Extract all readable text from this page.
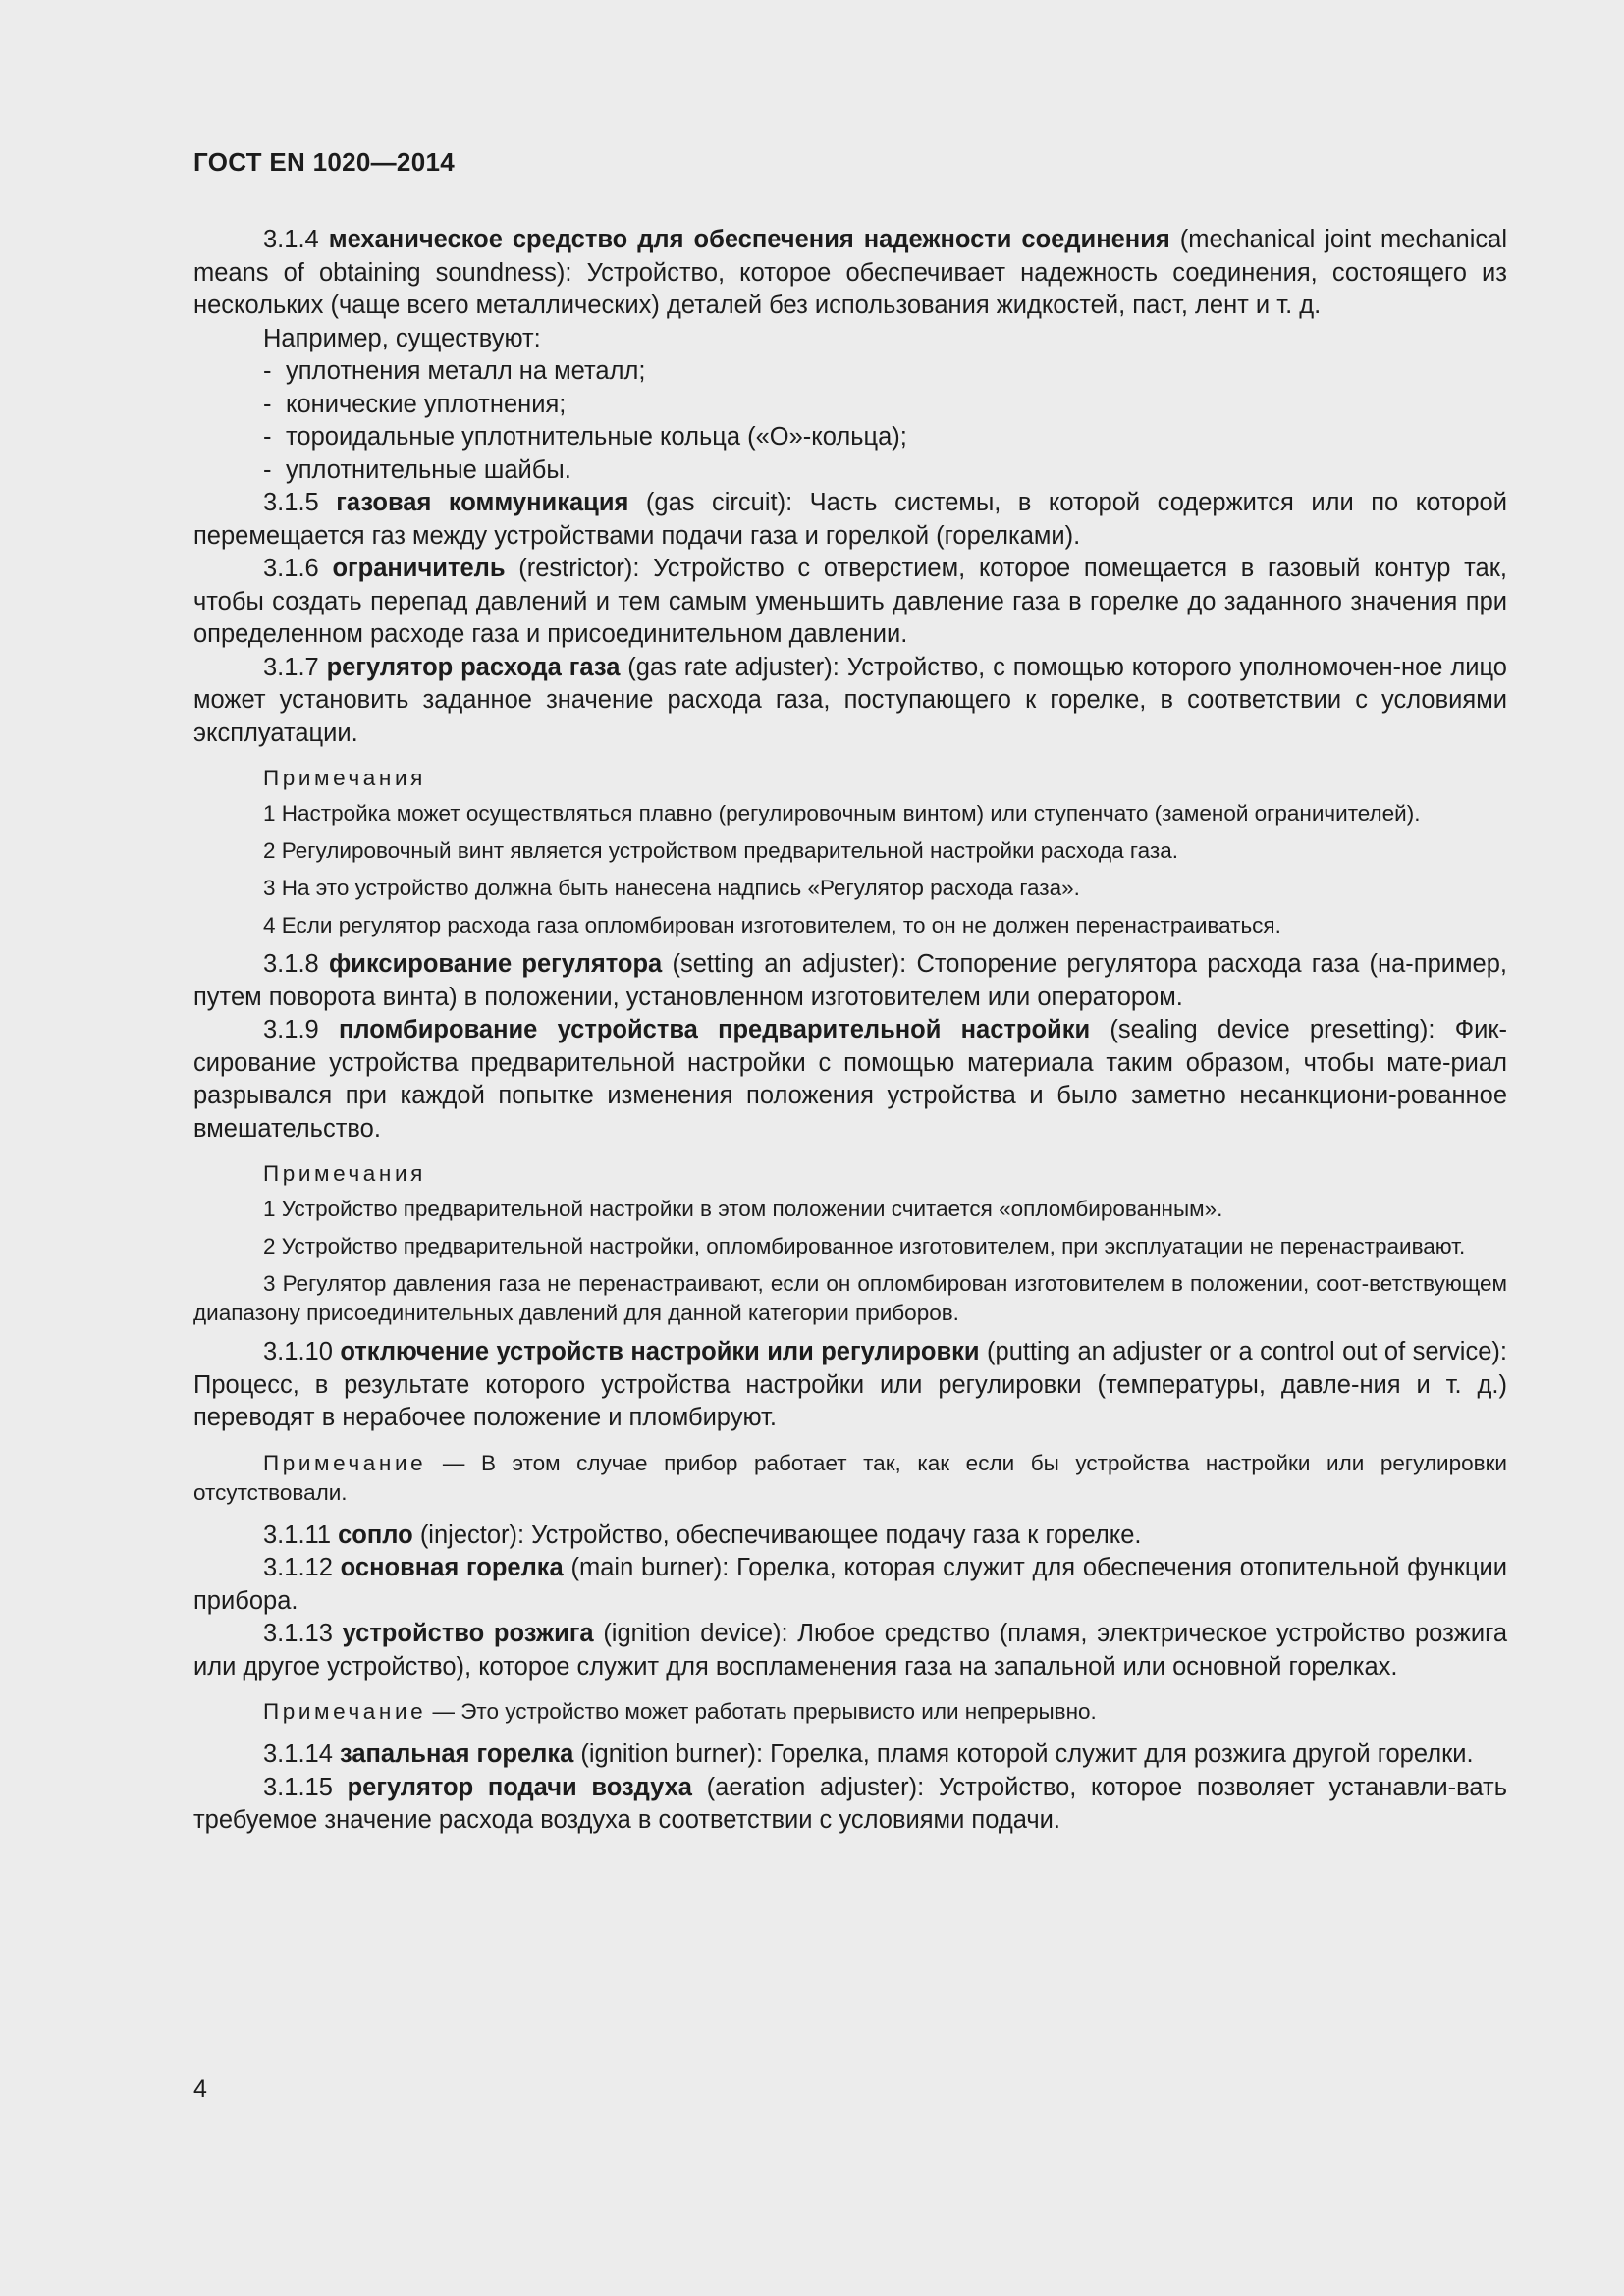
ГОСТ EN 1020—2014

3.1.4 механическое средство для обеспечения надежности соединения (mechanical joint mechanical means of obtaining soundness): Устройство, которое обеспечивает надежность соединения, состоящего из нескольких (чаще всего металлических) деталей без использования жидкостей, паст, лент и т. д.

Например, существуют:

- уплотнения металл на металл;

- конические уплотнения;

- тороидальные уплотнительные кольца («О»-кольца);

- уплотнительные шайбы.

3.1.5 газовая коммуникация (gas circuit): Часть системы, в которой содержится или по которой перемещается газ между устройствами подачи газа и горелкой (горелками).

3.1.6 ограничитель (restrictor): Устройство с отверстием, которое помещается в газовый контур так, чтобы создать перепад давлений и тем самым уменьшить давление газа в горелке до заданного значения при определенном расходе газа и присоединительном давлении.

3.1.7 регулятор расхода газа (gas rate adjuster): Устройство, с помощью которого уполномочен-ное лицо может установить заданное значение расхода газа, поступающего к горелке, в соответствии с условиями эксплуатации.

Примечания

1 Настройка может осуществляться плавно (регулировочным винтом) или ступенчато (заменой ограничителей).

2 Регулировочный винт является устройством предварительной настройки расхода газа.

3 На это устройство должна быть нанесена надпись «Регулятор расхода газа».

4 Если регулятор расхода газа опломбирован изготовителем, то он не должен перенастраиваться.

3.1.8 фиксирование регулятора (setting an adjuster): Стопорение регулятора расхода газа (на-пример, путем поворота винта) в положении, установленном изготовителем или оператором.

3.1.9 пломбирование устройства предварительной настройки (sealing device presetting): Фик-сирование устройства предварительной настройки с помощью материала таким образом, чтобы мате-риал разрывался при каждой попытке изменения положения устройства и было заметно несанкциони-рованное вмешательство.

Примечания

1 Устройство предварительной настройки в этом положении считается «опломбированным».

2 Устройство предварительной настройки, опломбированное изготовителем, при эксплуатации не перенастраивают.

3 Регулятор давления газа не перенастраивают, если он опломбирован изготовителем в положении, соот-ветствующем диапазону присоединительных давлений для данной категории приборов.

3.1.10 отключение устройств настройки или регулировки (putting an adjuster or a control out of service): Процесс, в результате которого устройства настройки или регулировки (температуры, давле-ния и т. д.) переводят в нерабочее положение и пломбируют.

Примечание — В этом случае прибор работает так, как если бы устройства настройки или регулировки отсутствовали.

3.1.11 сопло (injector): Устройство, обеспечивающее подачу газа к горелке.

3.1.12 основная горелка (main burner): Горелка, которая служит для обеспечения отопительной функции прибора.

3.1.13 устройство розжига (ignition device): Любое средство (пламя, электрическое устройство розжига или другое устройство), которое служит для воспламенения газа на запальной или основной горелках.

Примечание — Это устройство может работать прерывисто или непрерывно.

3.1.14 запальная горелка (ignition burner): Горелка, пламя которой служит для розжига другой горелки.

3.1.15 регулятор подачи воздуха (aeration adjuster): Устройство, которое позволяет устанавли-вать требуемое значение расхода воздуха в соответствии с условиями подачи.

4
